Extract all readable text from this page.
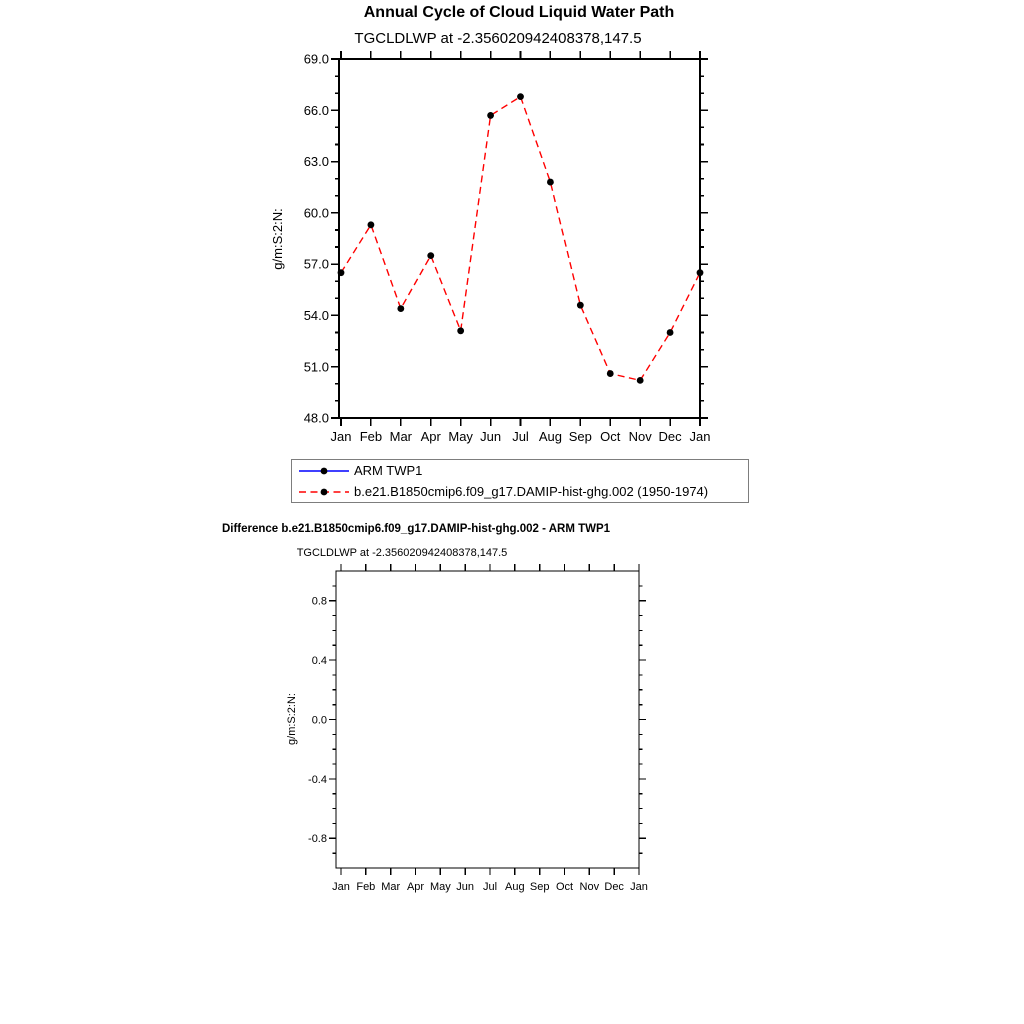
Annual Cycle of Cloud Liquid Water Path
TGCLDLWP at -2.356020942408378,147.5
g/m:S:2:N:
Difference b.e21.B1850cmip6.f09_g17.DAMIP-hist-ghg.002 - ARM TWP1
TGCLDLWP at -2.356020942408378,147.5
g/m:S:2:N:
Jan Feb Mar Apr May Jun Jul Aug Sep Oct Nov Dec Jan
48.0
51.0
54.0
57.0
60.0
63.0
66.0
69.0
Jan Feb Mar Apr May Jun Jul Aug Sep Oct Nov Dec Jan
-0.8
-0.4
0.0
0.4
0.8
ARM TWP1
b.e21.B1850cmip6.f09_g17.DAMIP-hist-ghg.002 (1950-1974)
